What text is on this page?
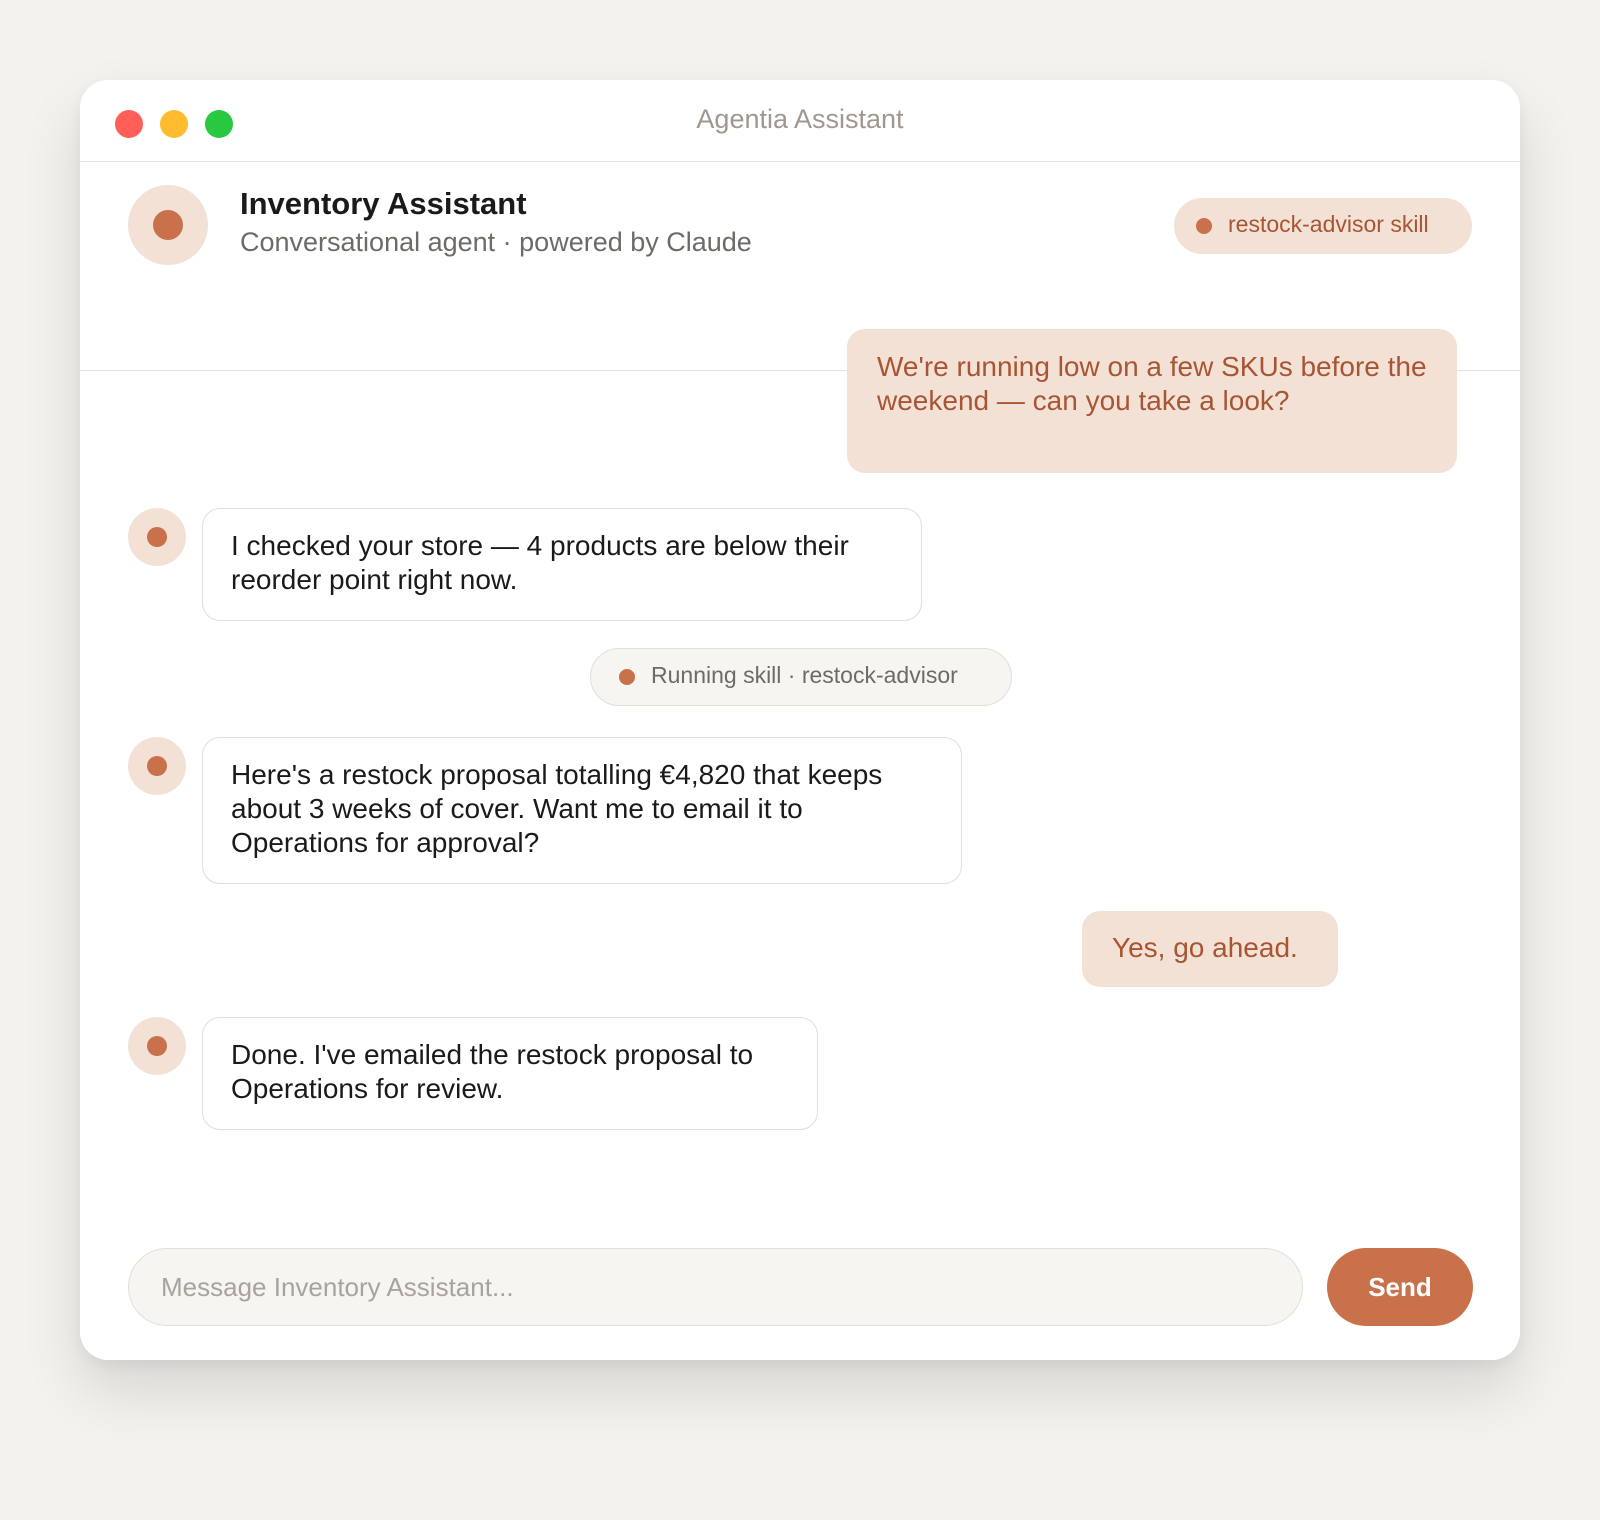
Agentia Assistant
Inventory Assistant
Conversational agent · powered by Claude
restock-advisor skill
We're running low on a few SKUs before the
weekend — can you take a look?
I checked your store — 4 products are below their
reorder point right now.
Running skill · restock-advisor
Here's a restock proposal totalling €4,820 that keeps
about 3 weeks of cover. Want me to email it to
Operations for approval?
Yes, go ahead.
Done. I've emailed the restock proposal to
Operations for review.
Message Inventory Assistant...
Send
